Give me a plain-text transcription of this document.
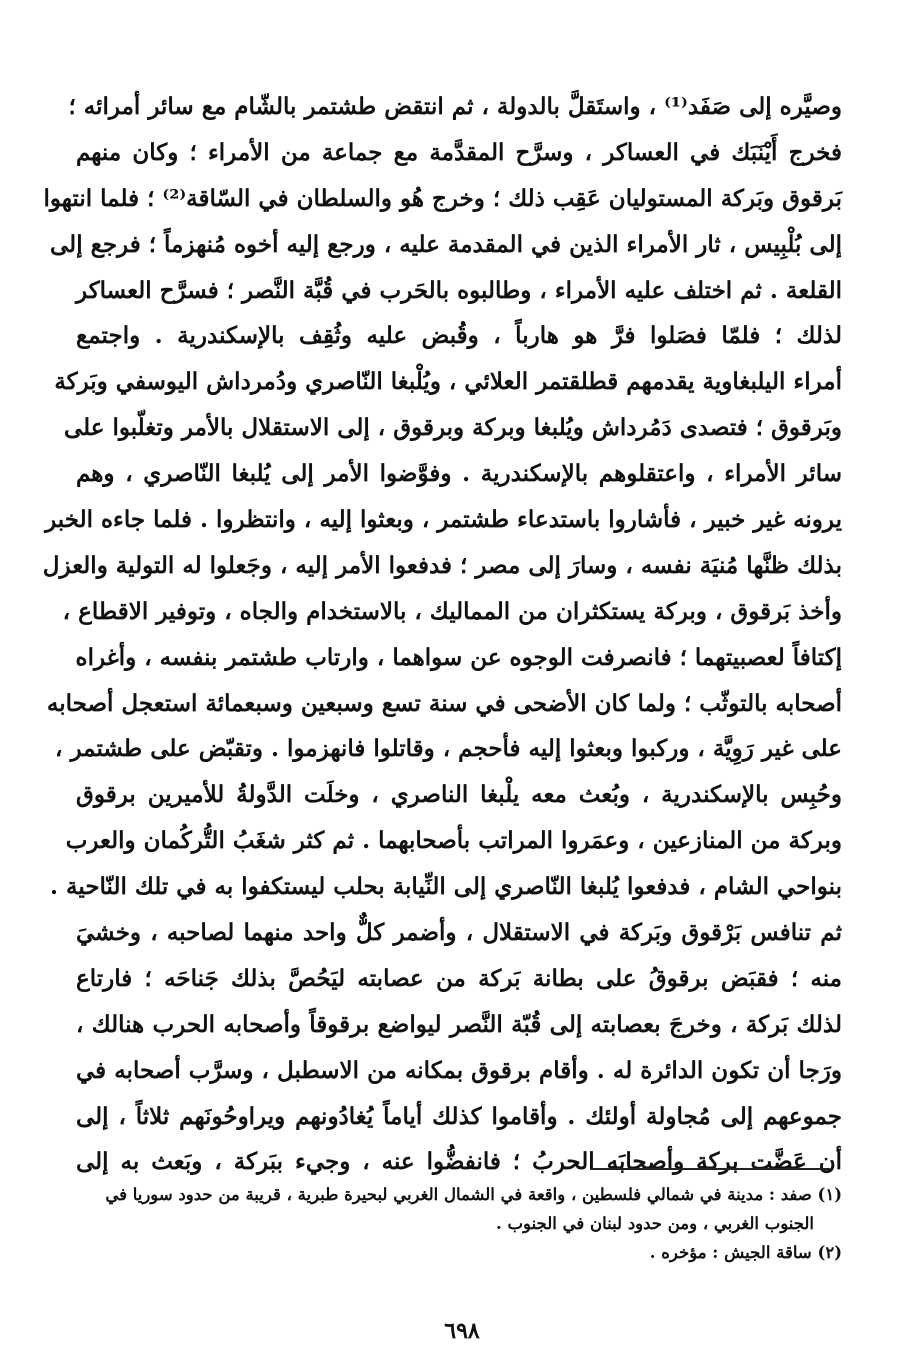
وصيَّره إلى صَفَد⁽¹⁾ ، واستَقلَّ بالدولة ، ثم انتقض طشتمر بالشّام مع سائر أمرائه ؛
فخرج أَيْنَبَك في العساكر ، وسرَّح المقدَّمة مع جماعة من الأمراء ؛ وكان منهم
بَرقوق وبَركة المستوليان عَقِب ذلك ؛ وخرج هُو والسلطان في السّاقة⁽²⁾ ؛ فلما انتهوا
إلى بُلْبِيس ، ثار الأمراء الذين في المقدمة عليه ، ورجع إليه أخوه مُنهزماً ؛ فرجع إلى
القلعة . ثم اختلف عليه الأمراء ، وطالبوه بالحَرب في قُبَّة النَّصر ؛ فسرَّح العساكر
لذلك ؛ فلمّا فصَلوا فرَّ هو هارباً ، وقُبض عليه وثُقِف بالإسكندرية . واجتمع
أمراء اليلبغاوية يقدمهم قطلقتمر العلائي ، ويُلْبغا النّاصري ودُمرداش اليوسفي وبَركة
وبَرقوق ؛ فتصدى دَمُرداش ويُلبغا وبركة وبرقوق ، إلى الاستقلال بالأمر وتغلّبوا على
سائر الأمراء ، واعتقلوهم بالإسكندرية . وفوَّضوا الأمر إلى يُلبغا النّاصري ، وهم
يرونه غير خبير ، فأشاروا باستدعاء طشتمر ، وبعثوا إليه ، وانتظروا . فلما جاءه الخبر
بذلك ظنَّها مُنيَة نفسه ، وسارَ إلى مصر ؛ فدفعوا الأمر إليه ، وجَعلوا له التولية والعزل
وأخذ بَرقوق ، وبركة يستكثران من المماليك ، بالاستخدام والجاه ، وتوفير الاقطاع ،
إكتافاً لعصبيتهما ؛ فانصرفت الوجوه عن سواهما ، وارتاب طشتمر بنفسه ، وأغراه
أصحابه بالتوثّب ؛ ولما كان الأضحى في سنة تسع وسبعين وسبعمائة استعجل أصحابه
على غير رَوِيَّة ، وركبوا وبعثوا إليه فأحجم ، وقاتلوا فانهزموا . وتقبّض على طشتمر ،
وحُبِس بالإسكندرية ، وبُعث معه يلْبغا الناصري ، وخلَت الدَّولةُ للأميرين برقوق
وبركة من المنازعين ، وعمَروا المراتب بأصحابهما . ثم كثر شغَبُ التُّركُمان والعرب
بنواحي الشام ، فدفعوا يُلبغا النّاصري إلى النِّيابة بحلب ليستكفوا به في تلك النّاحية .
ثم تنافس بَرْقوق وبَركة في الاستقلال ، وأضمر كلٌّ واحد منهما لصاحبه ، وخشيَ
منه ؛ فقبَض برقوقُ على بطانة بَركة من عصابته ليَحُصَّ بذلك جَناحَه ؛ فارتاع
لذلك بَركة ، وخرجَ بعصابته إلى قُبّة النَّصر ليواضع برقوقاً وأصحابه الحرب هنالك ،
ورَجا أن تكون الدائرة له . وأقام برقوق بمكانه من الاسطبل ، وسرَّب أصحابه في
جموعهم إلى مُجاولة أولئك . وأقاموا كذلك أياماً يُغادُونهم ويراوحُونَهم ثلاثاً ، إلى
أن عَضَّت بركة وأصحابَه الحربُ ؛ فانفضُّوا عنه ، وجيء ببَركة ، وبَعث به إلى
(١) صفد : مدينة في شمالي فلسطين ، واقعة في الشمال الغربي لبحيرة طبرية ، قريبة من حدود سوريا في
الجنوب الغربي ، ومن حدود لبنان في الجنوب .
(٢) ساقة الجيش : مؤخره .
٦٩٨
